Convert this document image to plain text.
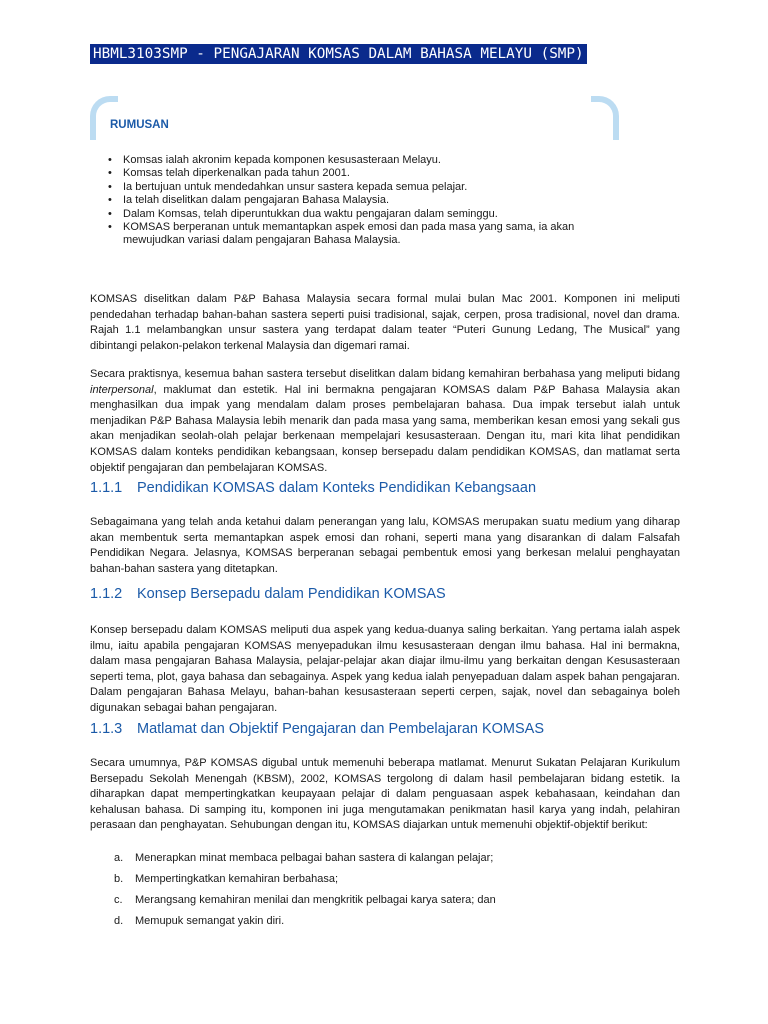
HBML3103SMP - PENGAJARAN KOMSAS DALAM BAHASA MELAYU (SMP)
RUMUSAN
• Komsas ialah akronim kepada komponen kesusasteraan Melayu.
• Komsas telah diperkenalkan pada tahun 2001.
• Ia bertujuan untuk mendedahkan unsur sastera kepada semua pelajar.
• Ia telah diselitkan dalam pengajaran Bahasa Malaysia.
• Dalam Komsas, telah diperuntukkan dua waktu pengajaran dalam seminggu.
• KOMSAS berperanan untuk memantapkan aspek emosi dan pada masa yang sama, ia akan mewujudkan variasi dalam pengajaran Bahasa Malaysia.

KOMSAS diselitkan dalam P&P Bahasa Malaysia secara formal mulai bulan Mac 2001. Komponen ini meliputi pendedahan terhadap bahan-bahan sastera seperti puisi tradisional, sajak, cerpen, prosa tradisional, novel dan drama. Rajah 1.1 melambangkan unsur sastera yang terdapat dalam teater “Puteri Gunung Ledang, The Musical” yang dibintangi pelakon-pelakon terkenal Malaysia dan digemari ramai.

Secara praktisnya, kesemua bahan sastera tersebut diselitkan dalam bidang kemahiran berbahasa yang meliputi bidang interpersonal, maklumat dan estetik. Hal ini bermakna pengajaran KOMSAS dalam P&P Bahasa Malaysia akan menghasilkan dua impak yang mendalam dalam proses pembelajaran bahasa. Dua impak tersebut ialah untuk menjadikan P&P Bahasa Malaysia lebih menarik dan pada masa yang sama, memberikan kesan emosi yang sekali gus akan menjadikan seolah-olah pelajar berkenaan mempelajari kesusasteraan. Dengan itu, mari kita lihat pendidikan KOMSAS dalam konteks pendidikan kebangsaan, konsep bersepadu dalam pendidikan KOMSAS, dan matlamat serta objektif pengajaran dan pembelajaran KOMSAS.

1.1.1 Pendidikan KOMSAS dalam Konteks Pendidikan Kebangsaan

Sebagaimana yang telah anda ketahui dalam penerangan yang lalu, KOMSAS merupakan suatu medium yang diharap akan membentuk serta memantapkan aspek emosi dan rohani, seperti mana yang disarankan di dalam Falsafah Pendidikan Negara. Jelasnya, KOMSAS berperanan sebagai pembentuk emosi yang berkesan melalui penghayatan bahan-bahan sastera yang ditetapkan.

1.1.2 Konsep Bersepadu dalam Pendidikan KOMSAS

Konsep bersepadu dalam KOMSAS meliputi dua aspek yang kedua-duanya saling berkaitan. Yang pertama ialah aspek ilmu, iaitu apabila pengajaran KOMSAS menyepadukan ilmu kesusasteraan dengan ilmu bahasa. Hal ini bermakna, dalam masa pengajaran Bahasa Malaysia, pelajar-pelajar akan diajar ilmu-ilmu yang berkaitan dengan Kesusasteraan seperti tema, plot, gaya bahasa dan sebagainya. Aspek yang kedua ialah penyepaduan dalam aspek bahan pengajaran. Dalam pengajaran Bahasa Melayu, bahan-bahan kesusasteraan seperti cerpen, sajak, novel dan sebagainya boleh digunakan sebagai bahan pengajaran.

1.1.3 Matlamat dan Objektif Pengajaran dan Pembelajaran KOMSAS

Secara umumnya, P&P KOMSAS digubal untuk memenuhi beberapa matlamat. Menurut Sukatan Pelajaran Kurikulum Bersepadu Sekolah Menengah (KBSM), 2002, KOMSAS tergolong di dalam hasil pembelajaran bidang estetik. Ia diharapkan dapat mempertingkatkan keupayaan pelajar di dalam penguasaan aspek kebahasaan, keindahan dan kehalusan bahasa. Di samping itu, komponen ini juga mengutamakan penikmatan hasil karya yang indah, pelahiran perasaan dan penghayatan. Sehubungan dengan itu, KOMSAS diajarkan untuk memenuhi objektif-objektif berikut:

a. Menerapkan minat membaca pelbagai bahan sastera di kalangan pelajar;
b. Mempertingkatkan kemahiran berbahasa;
c. Merangsang kemahiran menilai dan mengkritik pelbagai karya satera; dan
d. Memupuk semangat yakin diri.
